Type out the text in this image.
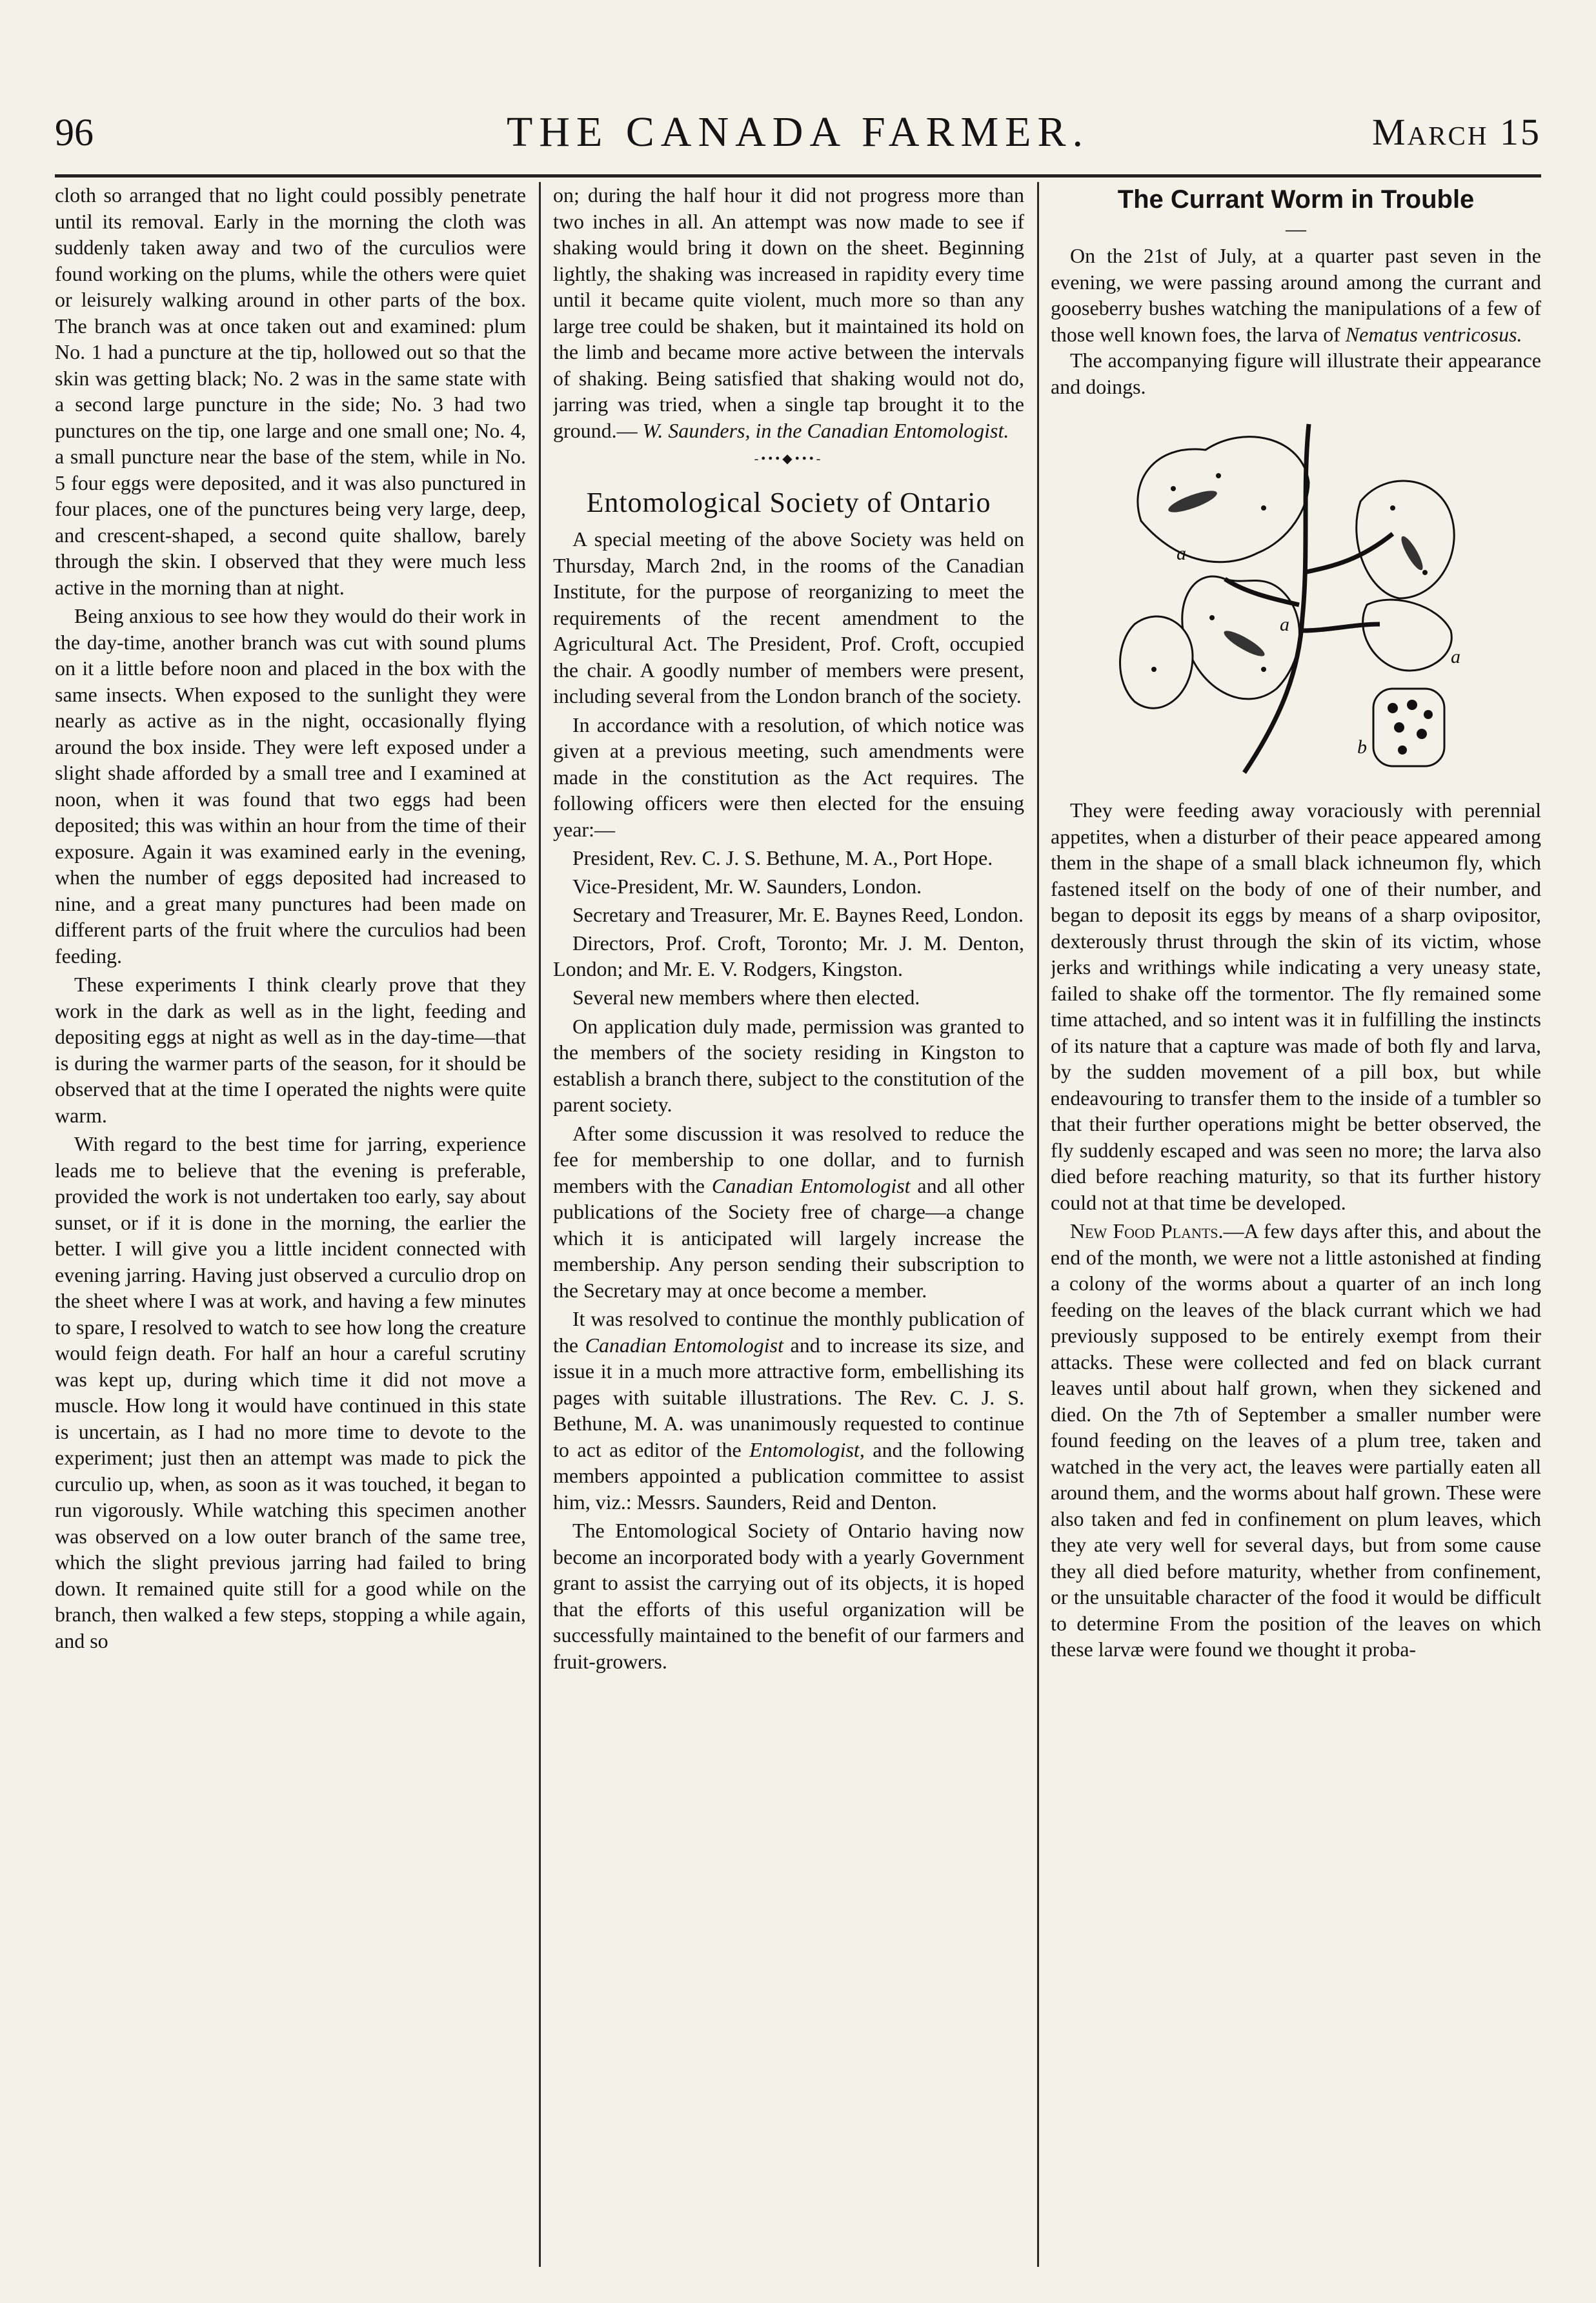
96	THE CANADA FARMER.	March 15

cloth so arranged that no light could possibly penetrate until its removal. Early in the morning the cloth was suddenly taken away and two of the curculios were found working on the plums, while the others were quiet or leisurely walking around in other parts of the box. The branch was at once taken out and examined: plum No. 1 had a puncture at the tip, hollowed out so that the skin was getting black; No. 2 was in the same state with a second large puncture in the side; No. 3 had two punctures on the tip, one large and one small one; No. 4, a small puncture near the base of the stem, while in No. 5 four eggs were deposited, and it was also punctured in four places, one of the punctures being very large, deep, and crescent-shaped, a second quite shallow, barely through the skin. I observed that they were much less active in the morning than at night.

Being anxious to see how they would do their work in the day-time, another branch was cut with sound plums on it a little before noon and placed in the box with the same insects. When exposed to the sunlight they were nearly as active as in the night, occasionally flying around the box inside. They were left exposed under a slight shade afforded by a small tree and I examined at noon, when it was found that two eggs had been deposited; this was within an hour from the time of their exposure. Again it was examined early in the evening, when the number of eggs deposited had increased to nine, and a great many punctures had been made on different parts of the fruit where the curculios had been feeding.

These experiments I think clearly prove that they work in the dark as well as in the light, feeding and depositing eggs at night as well as in the day-time—that is during the warmer parts of the season, for it should be observed that at the time I operated the nights were quite warm.

With regard to the best time for jarring, experience leads me to believe that the evening is preferable, provided the work is not undertaken too early, say about sunset, or if it is done in the morning, the earlier the better. I will give you a little incident connected with evening jarring. Having just observed a curculio drop on the sheet where I was at work, and having a few minutes to spare, I resolved to watch to see how long the creature would feign death. For half an hour a careful scrutiny was kept up, during which time it did not move a muscle. How long it would have continued in this state is uncertain, as I had no more time to devote to the experiment; just then an attempt was made to pick the curculio up, when, as soon as it was touched, it began to run vigorously. While watching this specimen another was observed on a low outer branch of the same tree, which the slight previous jarring had failed to bring down. It remained quite still for a good while on the branch, then walked a few steps, stopping a while again, and so

on; during the half hour it did not progress more than two inches in all. An attempt was now made to see if shaking would bring it down on the sheet. Beginning lightly, the shaking was increased in rapidity every time until it became quite violent, much more so than any large tree could be shaken, but it maintained its hold on the limb and became more active between the intervals of shaking. Being satisfied that shaking would not do, jarring was tried, when a single tap brought it to the ground.— W. Saunders, in the Canadian Entomologist.

-•••◆•••-
Entomological Society of Ontario

A special meeting of the above Society was held on Thursday, March 2nd, in the rooms of the Canadian Institute, for the purpose of reorganizing to meet the requirements of the recent amendment to the Agricultural Act. The President, Prof. Croft, occupied the chair. A goodly number of members were present, including several from the London branch of the society.

In accordance with a resolution, of which notice was given at a previous meeting, such amendments were made in the constitution as the Act requires. The following officers were then elected for the ensuing year:—

President, Rev. C. J. S. Bethune, M. A., Port Hope.

Vice-President, Mr. W. Saunders, London.

Secretary and Treasurer, Mr. E. Baynes Reed, London.

Directors, Prof. Croft, Toronto; Mr. J. M. Denton, London; and Mr. E. V. Rodgers, Kingston.

Several new members where then elected.

On application duly made, permission was granted to the members of the society residing in Kingston to establish a branch there, subject to the constitution of the parent society.

After some discussion it was resolved to reduce the fee for membership to one dollar, and to furnish members with the Canadian Entomologist and all other publications of the Society free of charge—a change which it is anticipated will largely increase the membership. Any person sending their subscription to the Secretary may at once become a member.

It was resolved to continue the monthly publication of the Canadian Entomologist and to increase its size, and issue it in a much more attractive form, embellishing its pages with suitable illustrations. The Rev. C. J. S. Bethune, M. A. was unanimously requested to continue to act as editor of the Entomologist, and the following members appointed a publication committee to assist him, viz.: Messrs. Saunders, Reid and Denton.

The Entomological Society of Ontario having now become an incorporated body with a yearly Government grant to assist the carrying out of its objects, it is hoped that the efforts of this useful organization will be successfully maintained to the benefit of our farmers and fruit-growers.

The Currant Worm in Trouble
—

On the 21st of July, at a quarter past seven in the evening, we were passing around among the currant and gooseberry bushes watching the manipulations of a few of those well known foes, the larva of Nematus ventricosus.

The accompanying figure will illustrate their appearance and doings.

a
a
a
b

They were feeding away voraciously with perennial appetites, when a disturber of their peace appeared among them in the shape of a small black ichneumon fly, which fastened itself on the body of one of their number, and began to deposit its eggs by means of a sharp ovipositor, dexterously thrust through the skin of its victim, whose jerks and writhings while indicating a very uneasy state, failed to shake off the tormentor. The fly remained some time attached, and so intent was it in fulfilling the instincts of its nature that a capture was made of both fly and larva, by the sudden movement of a pill box, but while endeavouring to transfer them to the inside of a tumbler so that their further operations might be better observed, the fly suddenly escaped and was seen no more; the larva also died before reaching maturity, so that its further history could not at that time be developed.

New Food Plants.—A few days after this, and about the end of the month, we were not a little astonished at finding a colony of the worms about a quarter of an inch long feeding on the leaves of the black currant which we had previously supposed to be entirely exempt from their attacks. These were collected and fed on black currant leaves until about half grown, when they sickened and died. On the 7th of September a smaller number were found feeding on the leaves of a plum tree, taken and watched in the very act, the leaves were partially eaten all around them, and the worms about half grown. These were also taken and fed in confinement on plum leaves, which they ate very well for several days, but from some cause they all died before maturity, whether from confinement, or the unsuitable character of the food it would be difficult to determine From the position of the leaves on which these larvæ were found we thought it proba-
